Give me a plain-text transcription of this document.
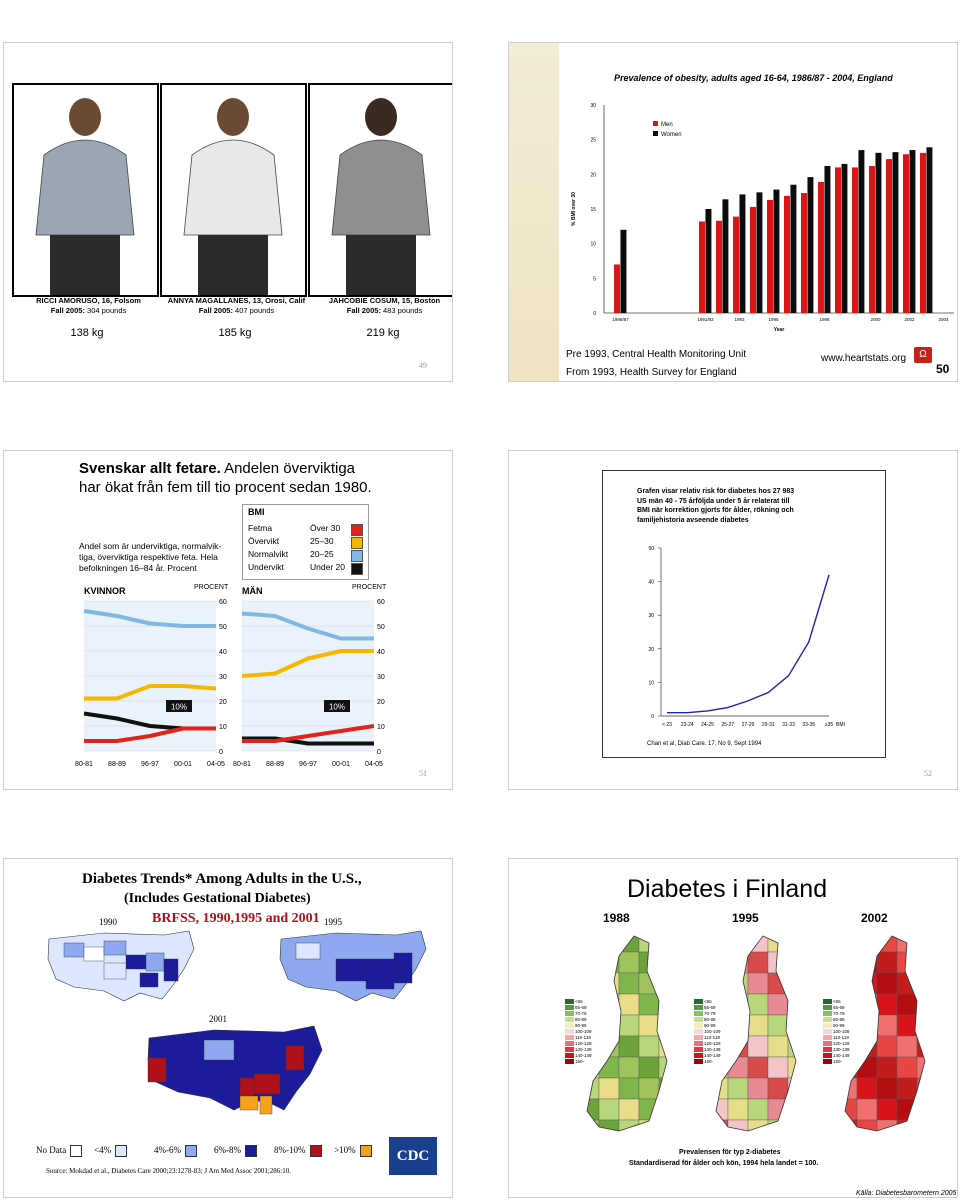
RICCI AMORUSO, 16, Folsom
Fall 2005: 304 pounds
138 kg
ANNYA MAGALLANES, 13, Orosi, Calif
Fall 2005: 407 pounds
185 kg
JAHCOBIE COSUM, 15, Boston
Fall 2005: 483 pounds
219 kg
49
Prevalence of obesity, adults aged 16-64, 1986/87 - 2004, England
0
5
10
15
20
25
30
% BMI over 30
Year
1986/87	1991/92	1993	1995	1998	2000	2002	2004
Men
Women
Pre 1993, Central Health Monitoring Unit
From 1993, Health Survey for England
www.heartstats.org	Ω
50
Svenskar allt fetare. Andelen överviktiga har ökat från fem till tio procent sedan 1980.
Andel som är underviktiga, normalvik-
tiga, överviktiga respektive feta. Hela
befolkningen 16–84 år. Procent
BMI
Fetma	Över 30
Övervikt	25–30
Normalvikt	20–25
Undervikt	Under 20
0
10
20
30
40
50
60
KVINNOR	PROCENT
80-81 88-89 96-97 00-01 04-05
10%
0
10
20
30
40
50
60
MÄN	PROCENT
80-81 88-89 96-97 00-01 04-05
10%
51
Grafen visar relativ risk för diabetes hos 27 983
US män 40 - 75 årföljda under 5 år relaterat till
BMI när korrektion gjorts för ålder, rökning och
familjehistoria avseende diabetes
0
10
20
30
40
50
< 23 23-24 24-25 25-27 27-29 29-31 31-33 33-35 ≥35 BMI
Chan et al, Diab Care. 17, No 9, Sept 1994
52
Diabetes Trends* Among Adults in the U.S.,
(Includes Gestational Diabetes)
BRFSS, 1990,1995 and 2001
1990	1995
2001
No Data	<4%	4%-6%	6%-8%	8%-10%	>10%	CDC
Source: Mokdad et al., Diabetes Care 2000;23:1278-83; J Am Med Assoc 2001;286:10.
Diabetes i Finland
1988
<65
65-69
70-79
80-89
90-99
100-109
110-119
120-129
130-139
140-149
150-
1995
<65
65-69
70-79
80-89
90-99
100-109
110-119
120-129
130-139
140-149
150-
2002
<65
65-69
70-79
80-89
90-99
100-109
110-119
120-129
130-139
140-149
150-
Prevalensen för typ 2-diabetes
Standardiserad för ålder och kön, 1994 hela landet = 100.
Källa: Diabetesbarometern 2005
